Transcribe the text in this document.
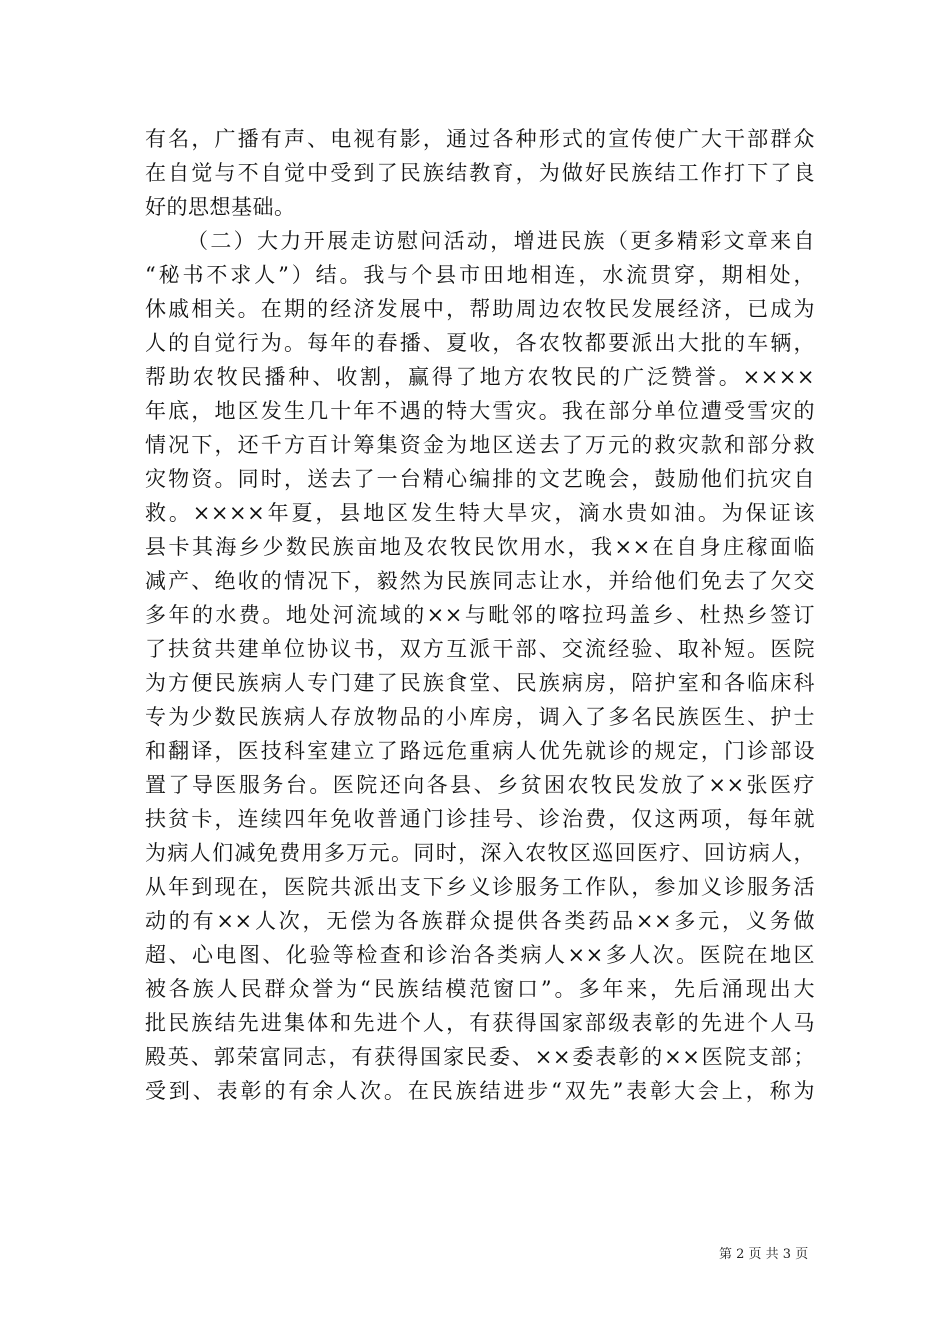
有名，广播有声、电视有影，通过各种形式的宣传使广大干部群众
在自觉与不自觉中受到了民族结教育，为做好民族结工作打下了良
好的思想基础。
（二）大力开展走访慰问活动，增进民族（更多精彩文章来自
“秘书不求人”）结。我与个县市田地相连，水流贯穿，期相处，
休戚相关。在期的经济发展中，帮助周边农牧民发展经济，已成为
人的自觉行为。每年的春播、夏收，各农牧都要派出大批的车辆，
帮助农牧民播种、收割，赢得了地方农牧民的广泛赞誉。××××
年底，地区发生几十年不遇的特大雪灾。我在部分单位遭受雪灾的
情况下，还千方百计筹集资金为地区送去了万元的救灾款和部分救
灾物资。同时，送去了一台精心编排的文艺晚会，鼓励他们抗灾自
救。××××年夏，县地区发生特大旱灾，滴水贵如油。为保证该
县卡其海乡少数民族亩地及农牧民饮用水，我××在自身庄稼面临
减产、绝收的情况下，毅然为民族同志让水，并给他们免去了欠交
多年的水费。地处河流域的××与毗邻的喀拉玛盖乡、杜热乡签订
了扶贫共建单位协议书，双方互派干部、交流经验、取补短。医院
为方便民族病人专门建了民族食堂、民族病房，陪护室和各临床科
专为少数民族病人存放物品的小库房，调入了多名民族医生、护士
和翻译，医技科室建立了路远危重病人优先就诊的规定，门诊部设
置了导医服务台。医院还向各县、乡贫困农牧民发放了××张医疗
扶贫卡，连续四年免收普通门诊挂号、诊治费，仅这两项，每年就
为病人们减免费用多万元。同时，深入农牧区巡回医疗、回访病人，
从年到现在，医院共派出支下乡义诊服务工作队，参加义诊服务活
动的有××人次，无偿为各族群众提供各类药品××多元，义务做
超、心电图、化验等检查和诊治各类病人××多人次。医院在地区
被各族人民群众誉为“民族结模范窗口”。多年来，先后涌现出大
批民族结先进集体和先进个人，有获得国家部级表彰的先进个人马
殿英、郭荣富同志，有获得国家民委、××委表彰的××医院支部；
受到、表彰的有余人次。在民族结进步“双先”表彰大会上，称为
第 2 页 共 3 页
